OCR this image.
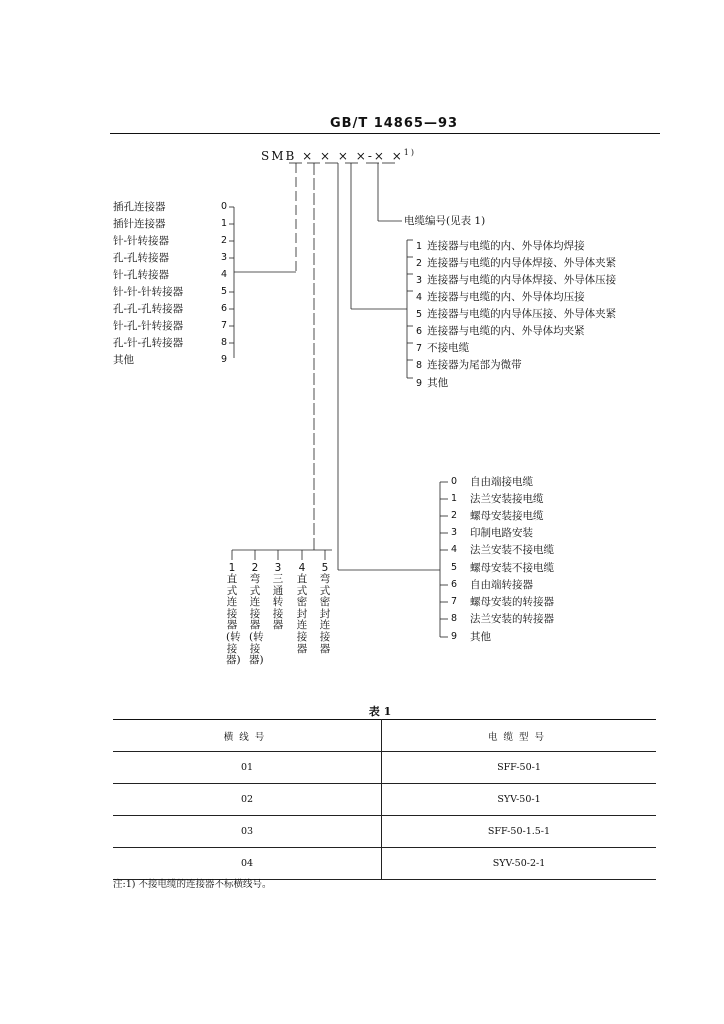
GB/T 14865—93
SMB × × × ×-× ×$^{1)}$
插孔连接器	0
插针连接器	1
针-针转接器	2
孔-孔转接器	3
针-孔转接器	4
针-针-针转接器	5
孔-孔-孔转接器	6
针-孔-针转接器	7
孔-针-孔转接器	8
其他	9
电缆编号(见表 1)
1 连接器与电缆的内、外导体均焊接
2 连接器与电缆的内导体焊接、外导体夹紧
3 连接器与电缆的内导体焊接、外导体压接
4 连接器与电缆的内、外导体均压接
5 连接器与电缆的内导体压接、外导体夹紧
6 连接器与电缆的内、外导体均夹紧
7 不接电缆
8 连接器为尾部为微带
9 其他
0 自由端接电缆
1 法兰安装接电缆
2 螺母安装接电缆
3 印制电路安装
4 法兰安装不接电缆
5 螺母安装不接电缆
6 自由端转接器
7 螺母安装的转接器
8 法兰安装的转接器
9 其他
1
直式连接器(转接器)
2
弯式连接器(转接器)
3
三通转接器
4
直式密封连接器
5
弯式密封连接器
表 1
横线号	电缆型号
01	SFF-50-1
02	SYV-50-1
03	SFF-50-1.5-1
04	SYV-50-2-1
注:1) 不接电缆的连接器不标横线号。
